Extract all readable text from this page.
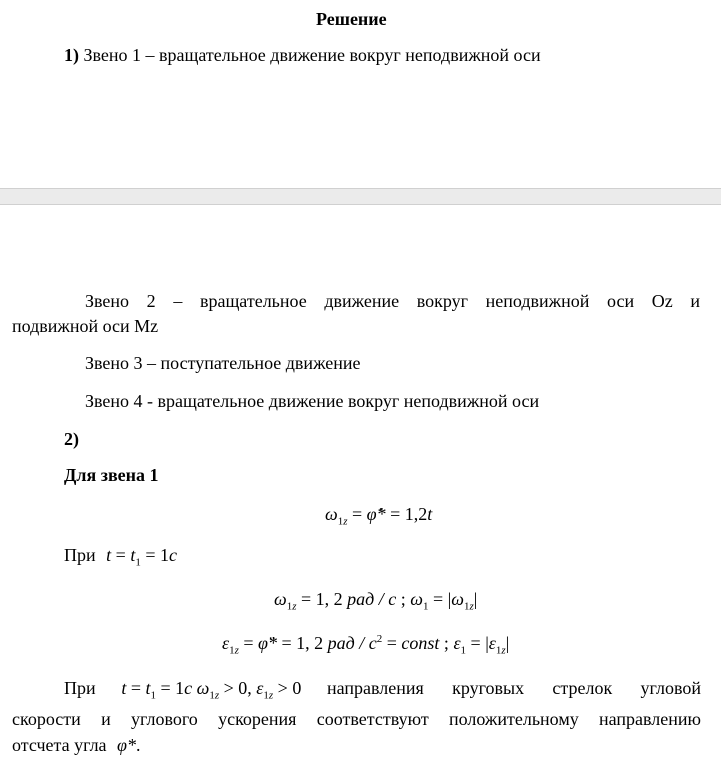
Решение
1) Звено 1 – вращательное движение вокруг неподвижной оси
Звено 2 – вращательное движение вокруг неподвижной оси Oz и
подвижной оси Mz
Звено 3 – поступательное движение
Звено 4 - вращательное движение вокруг неподвижной оси
2)
Для звена 1
$\omega_{1z}$ = φ̇* = 1,2t
При $t = t_1 = 1c$
$\omega_{1z} = 1$, 2 рад / с ; $\omega_1 = |\omega_{1z}|$
$\varepsilon_{1z}$ = φ̈* = 1, 2 рад / $с^2$ = const ; $\varepsilon_1 = |\varepsilon_{1z}|$
При $t = t_1 = 1c$ $\omega_{1z} > 0$, $\varepsilon_{1z} > 0$ направления круговых стрелок угловой
скорости и углового ускорения соответствуют положительному направлению
отсчета угла φ*.
